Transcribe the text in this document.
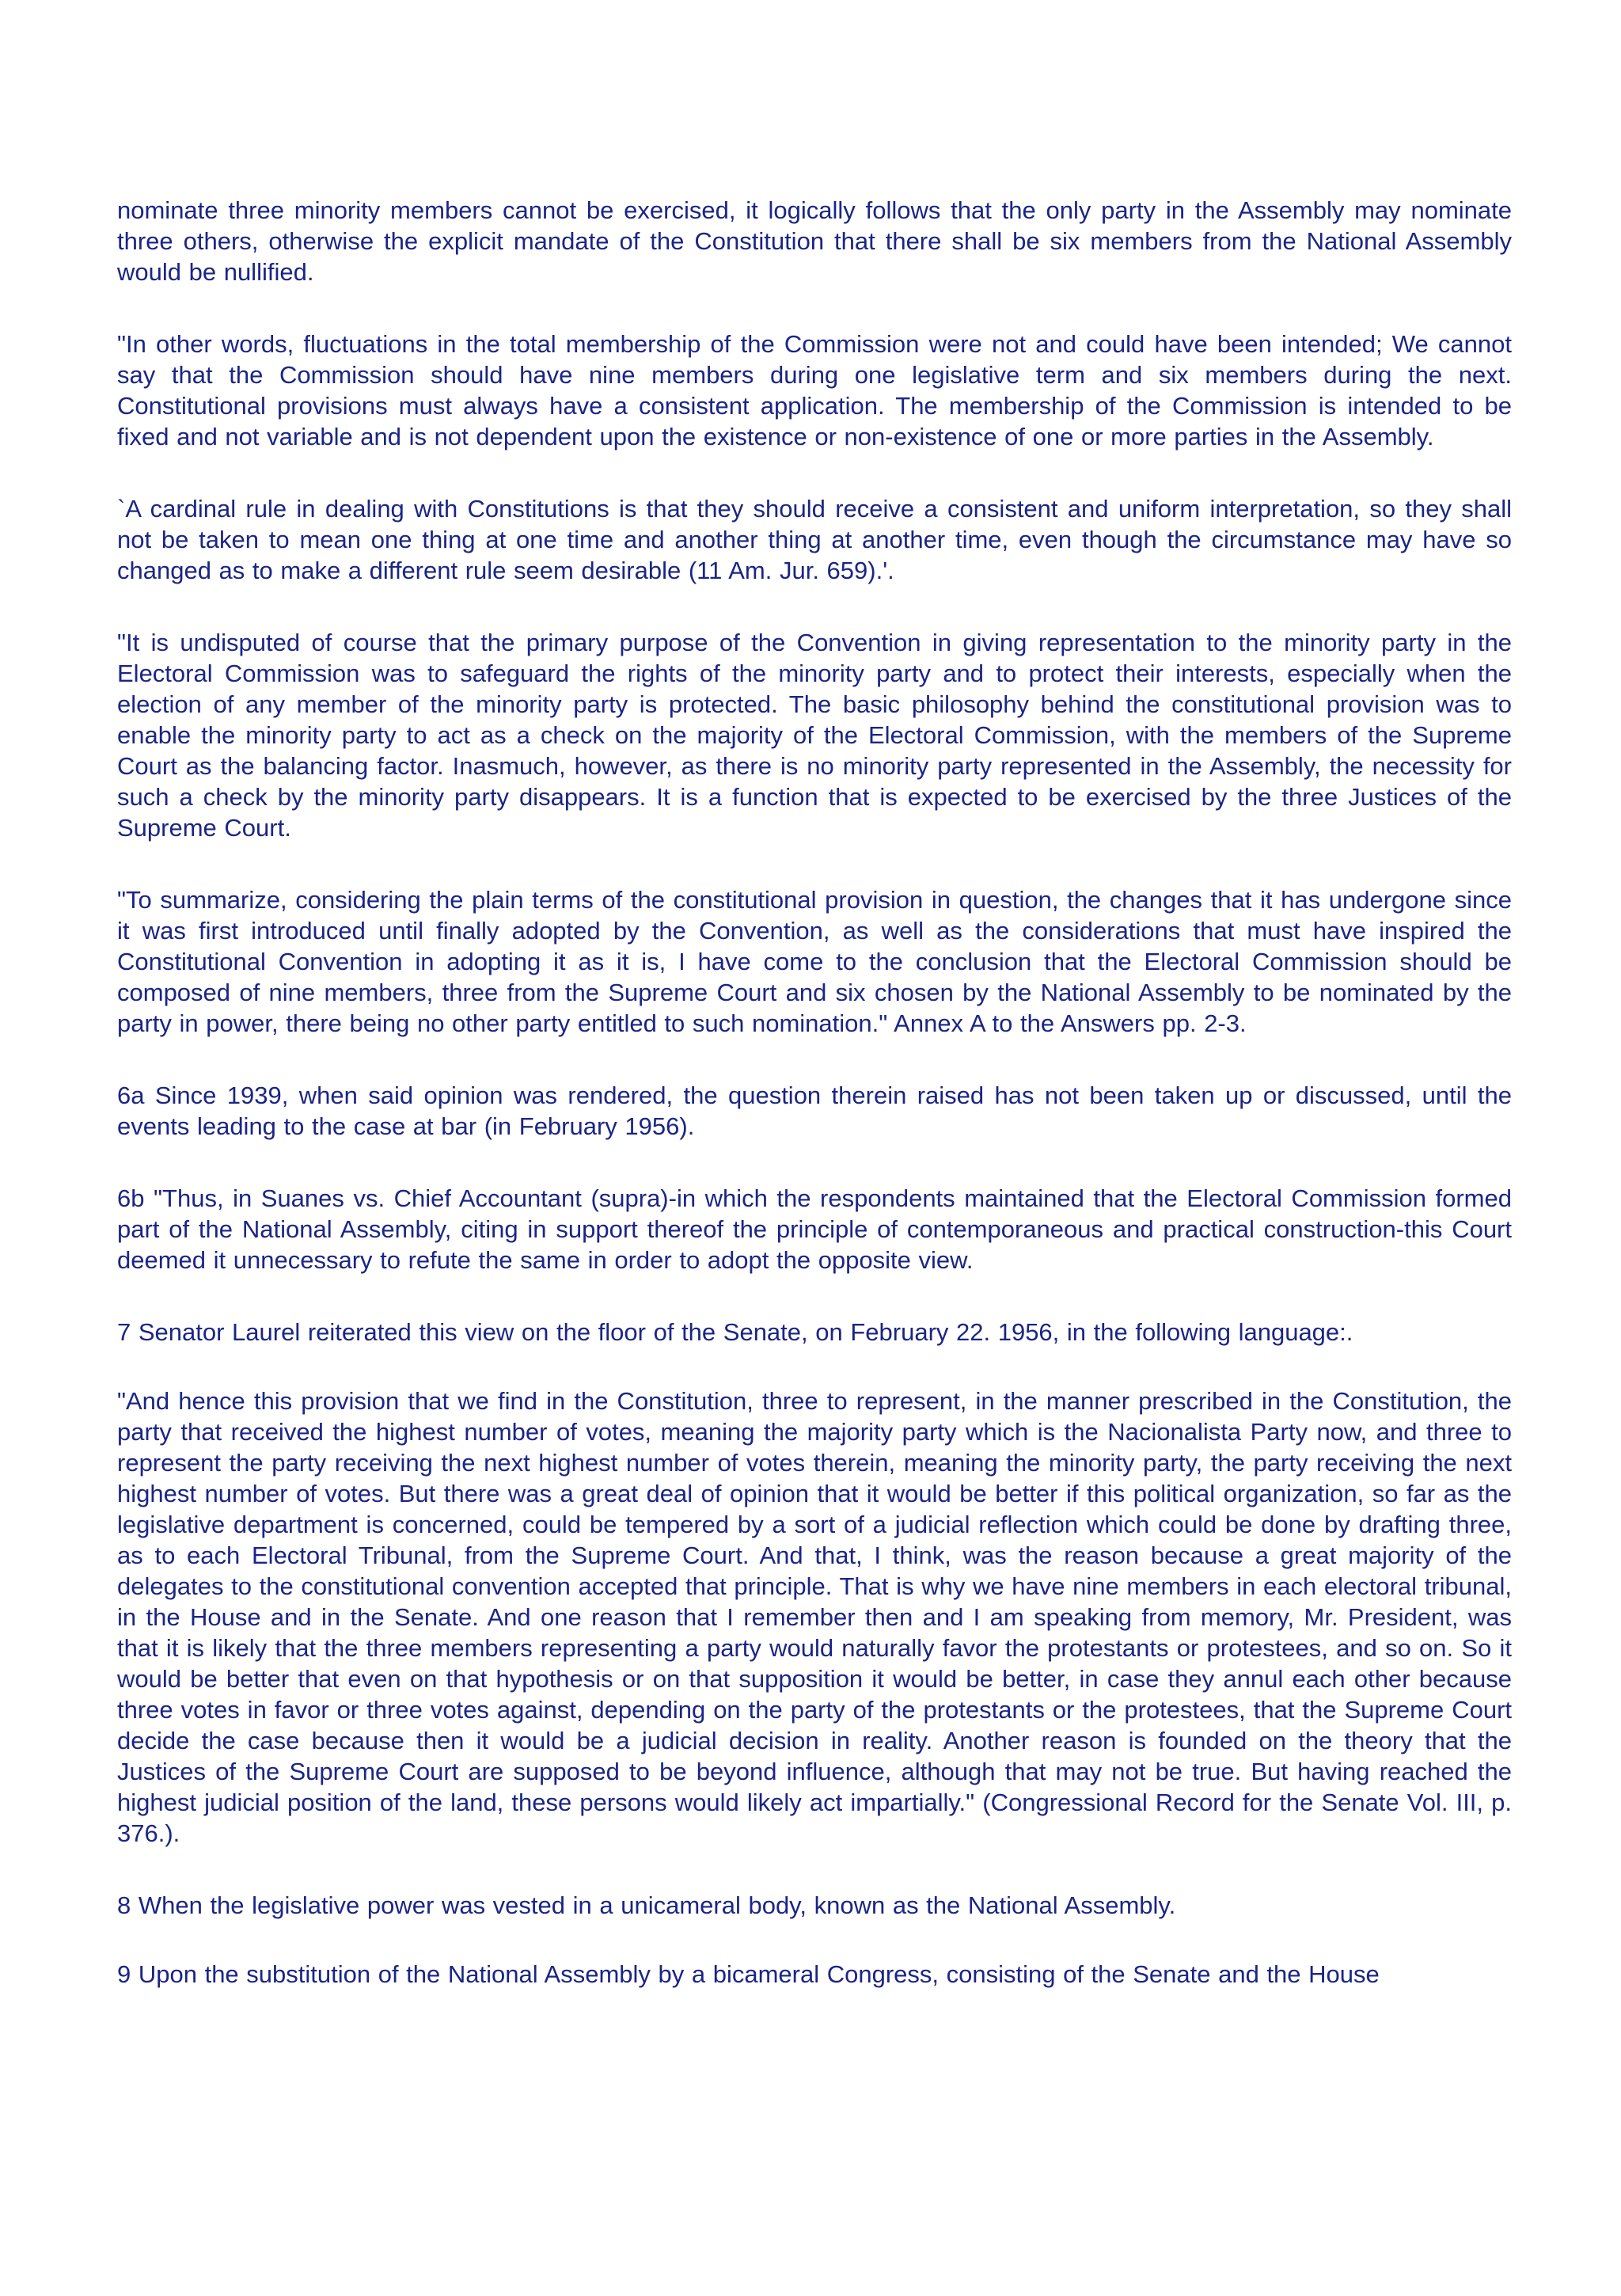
nominate three minority members cannot be exercised, it logically follows that the only party in the Assembly may nominate three others, otherwise the explicit mandate of the Constitution that there shall be six members from the National Assembly would be nullified.

"In other words, fluctuations in the total membership of the Commission were not and could have been intended; We cannot say that the Commission should have nine members during one legislative term and six members during the next. Constitutional provisions must always have a consistent application. The membership of the Commission is intended to be fixed and not variable and is not dependent upon the existence or non-existence of one or more parties in the Assembly.

`A cardinal rule in dealing with Constitutions is that they should receive a consistent and uniform interpretation, so they shall not be taken to mean one thing at one time and another thing at another time, even though the circumstance may have so changed as to make a different rule seem desirable (11 Am. Jur. 659).'.

"It is undisputed of course that the primary purpose of the Convention in giving representation to the minority party in the Electoral Commission was to safeguard the rights of the minority party and to protect their interests, especially when the election of any member of the minority party is protected. The basic philosophy behind the constitutional provision was to enable the minority party to act as a check on the majority of the Electoral Commission, with the members of the Supreme Court as the balancing factor. Inasmuch, however, as there is no minority party represented in the Assembly, the necessity for such a check by the minority party disappears. It is a function that is expected to be exercised by the three Justices of the Supreme Court.

"To summarize, considering the plain terms of the constitutional provision in question, the changes that it has undergone since it was first introduced until finally adopted by the Convention, as well as the considerations that must have inspired the Constitutional Convention in adopting it as it is, I have come to the conclusion that the Electoral Commission should be composed of nine members, three from the Supreme Court and six chosen by the National Assembly to be nominated by the party in power, there being no other party entitled to such nomination." Annex A to the Answers pp. 2-3.

6a Since 1939, when said opinion was rendered, the question therein raised has not been taken up or discussed, until the events leading to the case at bar (in February 1956).

6b "Thus, in Suanes vs. Chief Accountant (supra)-in which the respondents maintained that the Electoral Commission formed part of the National Assembly, citing in support thereof the principle of contemporaneous and practical construction-this Court deemed it unnecessary to refute the same in order to adopt the opposite view.

7 Senator Laurel reiterated this view on the floor of the Senate, on February 22. 1956, in the following language:.

"And hence this provision that we find in the Constitution, three to represent, in the manner prescribed in the Constitution, the party that received the highest number of votes, meaning the majority party which is the Nacionalista Party now, and three to represent the party receiving the next highest number of votes therein, meaning the minority party, the party receiving the next highest number of votes. But there was a great deal of opinion that it would be better if this political organization, so far as the legislative department is concerned, could be tempered by a sort of a judicial reflection which could be done by drafting three, as to each Electoral Tribunal, from the Supreme Court. And that, I think, was the reason because a great majority of the delegates to the constitutional convention accepted that principle. That is why we have nine members in each electoral tribunal, in the House and in the Senate. And one reason that I remember then and I am speaking from memory, Mr. President, was that it is likely that the three members representing a party would naturally favor the protestants or protestees, and so on. So it would be better that even on that hypothesis or on that supposition it would be better, in case they annul each other because three votes in favor or three votes against, depending on the party of the protestants or the protestees, that the Supreme Court decide the case because then it would be a judicial decision in reality. Another reason is founded on the theory that the Justices of the Supreme Court are supposed to be beyond influence, although that may not be true. But having reached the highest judicial position of the land, these persons would likely act impartially." (Congressional Record for the Senate Vol. III, p. 376.).

8 When the legislative power was vested in a unicameral body, known as the National Assembly.

9 Upon the substitution of the National Assembly by a bicameral Congress, consisting of the Senate and the House
